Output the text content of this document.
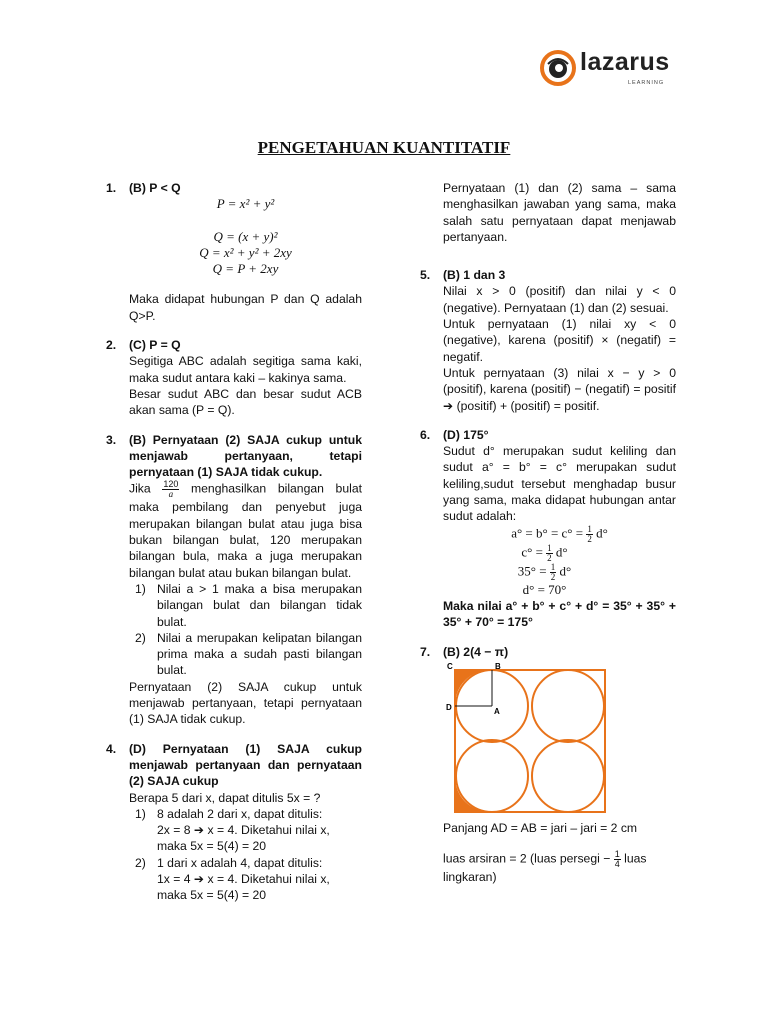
lazarus
LEARNING
PENGETAHUAN KUANTITATIF
1. (B) P < Q

P = x² + y²

Q = (x + y)²

Q = x² + y² + 2xy

Q = P + 2xy

Maka didapat hubungan P dan Q adalah Q>P.

2. (C) P = Q

Segitiga ABC adalah segitiga sama kaki, maka sudut antara kaki – kakinya sama.

Besar sudut ABC dan besar sudut ACB akan sama (P = Q).

3. (B) Pernyataan (2) SAJA cukup untuk menjawab pertanyaan, tetapi pernyataan (1) SAJA tidak cukup.

Jika $\frac{120}{a}$ menghasilkan bilangan bulat maka pembilang dan penyebut juga merupakan bilangan bulat atau juga bisa bukan bilangan bulat, 120 merupakan bilangan bula, maka a juga merupakan bilangan bulat atau bukan bilangan bulat.

1) Nilai a > 1 maka a bisa merupakan bilangan bulat dan bilangan tidak bulat.

2) Nilai a merupakan kelipatan bilangan prima maka a sudah pasti bilangan bulat.

Pernyataan (2) SAJA cukup untuk menjawab pertanyaan, tetapi pernyataan (1) SAJA tidak cukup.

4. (D) Pernyataan (1) SAJA cukup menjawab pertanyaan dan pernyataan (2) SAJA cukup

Berapa 5 dari x, dapat ditulis 5x = ?

1) 8 adalah 2 dari x, dapat ditulis:

2x = 8 ➔ x = 4. Diketahui nilai x, maka 5x = 5(4) = 20

2) 1 dari x adalah 4, dapat ditulis:

1x = 4 ➔ x = 4. Diketahui nilai x, maka 5x = 5(4) = 20

Pernyataan (1) dan (2) sama – sama menghasilkan jawaban yang sama, maka salah satu pernyataan dapat menjawab pertanyaan.

5. (B) 1 dan 3

Nilai x > 0 (positif) dan nilai y < 0 (negative). Pernyataan (1) dan (2) sesuai.

Untuk pernyataan (1) nilai xy < 0 (negative), karena (positif) × (negatif) = negatif.

Untuk pernyataan (3) nilai x − y > 0 (positif), karena (positif) − (negatif) = positif ➔ (positif) + (positif) = positif.

6. (D) 175°

Sudut d° merupakan sudut keliling dan sudut a° = b° = c° merupakan sudut keliling,sudut tersebut menghadap busur yang sama, maka didapat hubungan antar sudut adalah:

$a^\circ = b^\circ = c^\circ = \frac{1}{2} d^\circ$

$c^\circ = \frac{1}{2} d^\circ$

$35^\circ = \frac{1}{2} d^\circ$

d° = 70°

Maka nilai a° + b° + c° + d° = 35° + 35° + 35° + 70° = 175°

7. (B) 2(4 − π)

C	B
D	A

Panjang AD = AB = jari – jari = 2 cm

luas arsiran = 2 (luas persegi − $\frac{1}{4}$ luas lingkaran)
